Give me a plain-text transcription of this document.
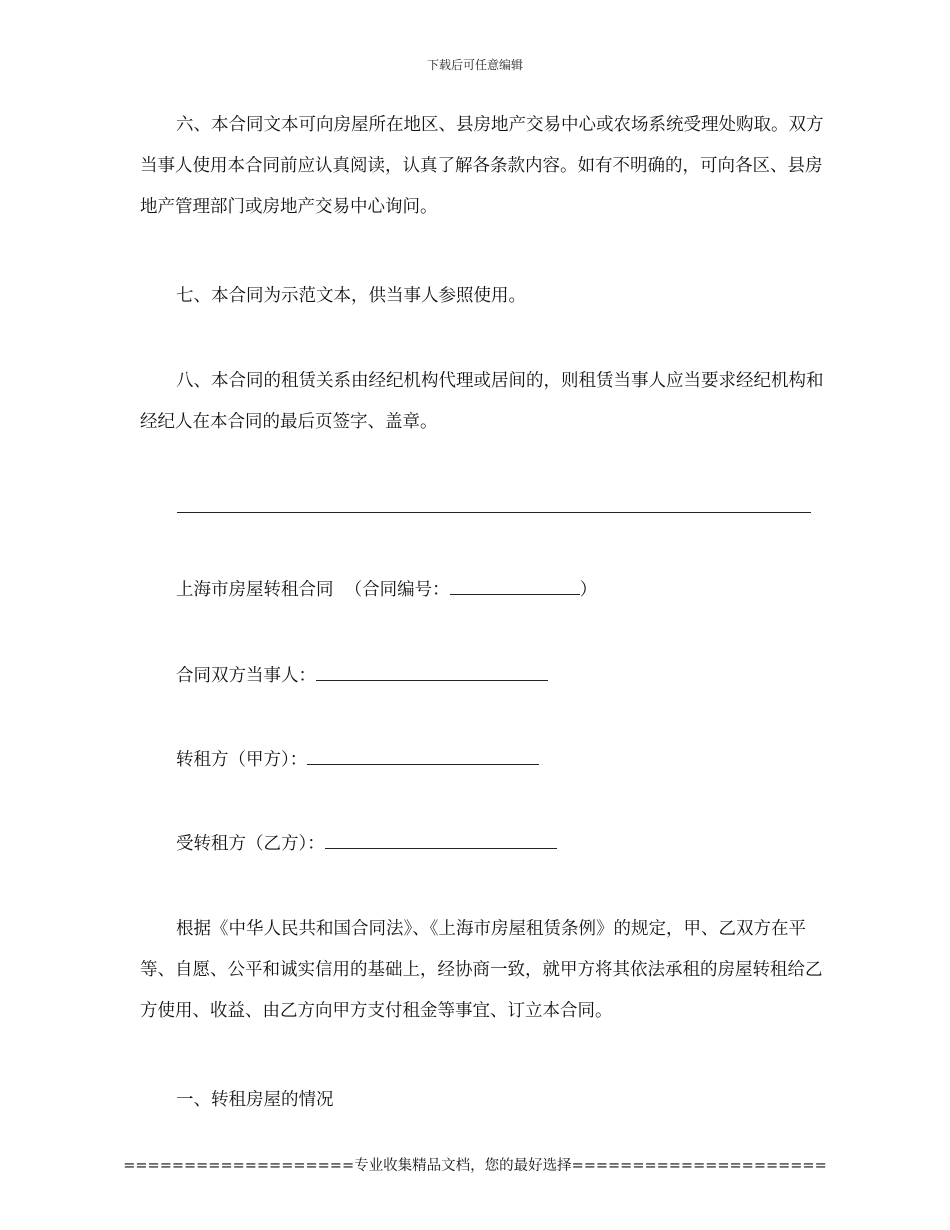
下载后可任意编辑

六、本合同文本可向房屋所在地区、县房地产交易中心或农场系统受理处购取。双方当事人使用本合同前应认真阅读，认真了解各条款内容。如有不明确的，可向各区、县房地产管理部门或房地产交易中心询问。

七、本合同为示范文本，供当事人参照使用。

八、本合同的租赁关系由经纪机构代理或居间的，则租赁当事人应当要求经纪机构和经纪人在本合同的最后页签字、盖章。

上海市房屋转租合同 （合同编号：	）

合同双方当事人：

转租方（甲方）：

受转租方（乙方）：

根据《中华人民共和国合同法》、《上海市房屋租赁条例》的规定，甲、乙双方在平等、自愿、公平和诚实信用的基础上，经协商一致，就甲方将其依法承租的房屋转租给乙方使用、收益、由乙方向甲方支付租金等事宜、订立本合同。

一、转租房屋的情况

===================专业收集精品文档，您的最好选择=====================
